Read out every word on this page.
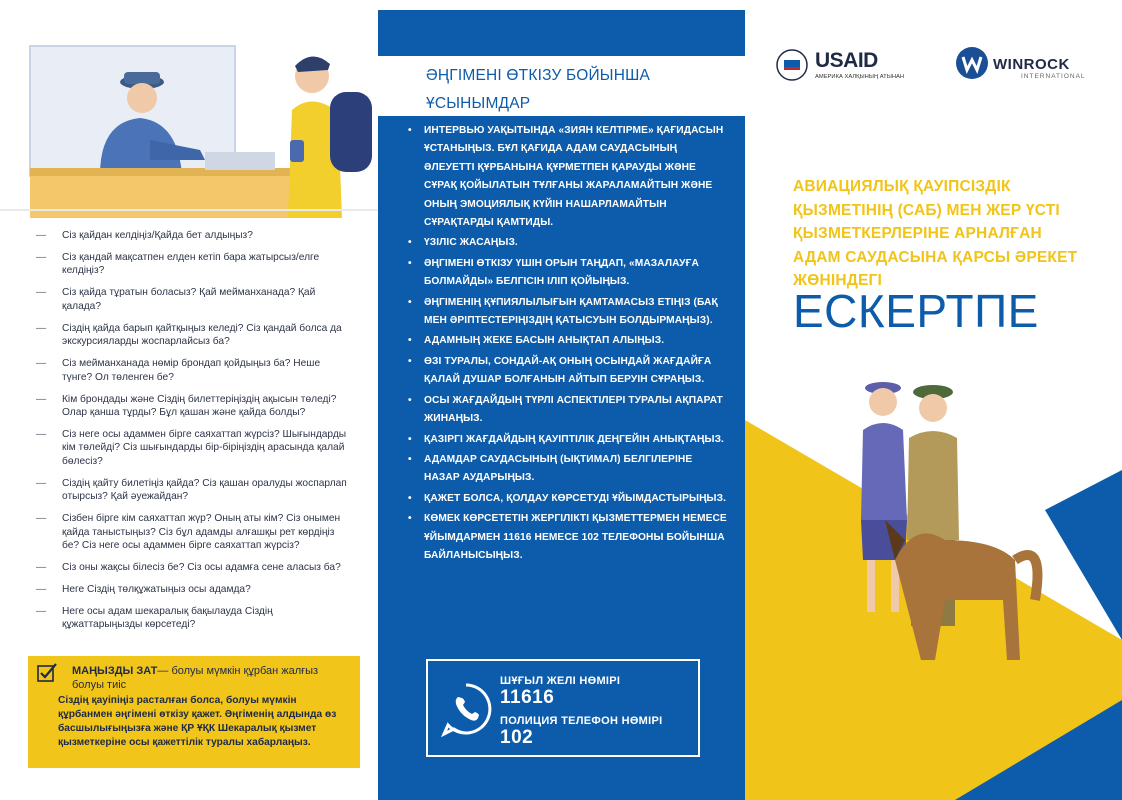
— Сіз қайдан келдіңіз/Қайда бет алдыңыз?
— Сіз қандай мақсатпен елден кетіп бара жатырсыз/елге келдіңіз?
— Сіз қайда тұратын боласыз? Қай мейманханада? Қай қалада?
— Сіздің қайда барып қайтқыңыз келеді? Сіз қандай болса да экскурсияларды жоспарлайсыз ба?
— Сіз мейманханада нөмір брондап қойдыңыз ба? Неше түнге? Ол төленген бе?
— Кім брондады және Сіздің билеттеріңіздің ақысын төледі? Олар қанша тұрды? Бұл қашан және қайда болды?
— Сіз неге осы адаммен бірге саяхаттап жүрсіз? Шығындарды кім төлейді? Сіз шығындарды бір-біріңіздің арасында қалай бөлесіз?
— Сіздің қайту билетіңіз қайда? Сіз қашан оралуды жоспарлап отырсыз? Қай әуежайдан?
— Сізбен бірге кім саяхаттап жүр? Оның аты кім? Сіз онымен қайда таныстыңыз? Сіз бұл адамды алғашқы рет көрдіңіз бе? Сіз неге осы адаммен бірге саяхаттап жүрсіз?
— Сіз оны жақсы білесіз бе? Сіз осы адамға сене аласыз ба?
— Неге Сіздің төлқұжатыңыз осы адамда?
— Неге осы адам шекаралық бақылауда Сіздің құжаттарыңызды көрсетеді?
МАҢЫЗДЫ ЗАТ— болуы мүмкін құрбан жалғыз болуы тиіс
Сіздің қауіпіңіз расталған болса, болуы мүмкін құрбанмен әңгімені өткізу қажет. Әңгіменің алдында өз басшылығыңызға және ҚР ҰҚК Шекаралық қызмет қызметкеріне осы қажеттілік туралы хабарлаңыз.
ӘҢГІМЕНІ ӨТКІЗУ БОЙЫНША
ҰСЫНЫМДАР
• ИНТЕРВЬЮ УАҚЫТЫНДА «ЗИЯН КЕЛТІРМЕ» ҚАҒИДАСЫН ҰСТАНЫҢЫЗ. БҰЛ ҚАҒИДА АДАМ САУДАСЫНЫҢ ӘЛЕУЕТТІ ҚҰРБАНЫНА ҚҰРМЕТПЕН ҚАРАУДЫ ЖӘНЕ СҰРАҚ ҚОЙЫЛАТЫН ТҰЛҒАНЫ ЖАРАЛАМАЙТЫН ЖӘНЕ ОНЫҢ ЭМОЦИЯЛЫҚ КҮЙІН НАШАРЛАМАЙТЫН СҰРАҚТАРДЫ ҚАМТИДЫ.
• ҮЗІЛІС ЖАСАҢЫЗ.
• ӘҢГІМЕНІ ӨТКІЗУ ҮШІН ОРЫН ТАҢДАП, «МАЗАЛАУҒА БОЛМАЙДЫ» БЕЛГІСІН ІЛІП ҚОЙЫҢЫЗ.
• ӘҢГІМЕНІҢ ҚҰПИЯЛЫЛЫҒЫН ҚАМТАМАСЫЗ ЕТІҢІЗ (БАҚ МЕН ӘРІПТЕСТЕРІҢІЗДІҢ ҚАТЫСУЫН БОЛДЫРМАҢЫЗ).
• АДАМНЫҢ ЖЕКЕ БАСЫН АНЫҚТАП АЛЫҢЫЗ.
• ӨЗІ ТУРАЛЫ, СОНДАЙ-АҚ ОНЫҢ ОСЫНДАЙ ЖАҒДАЙҒА ҚАЛАЙ ДУШАР БОЛҒАНЫН АЙТЫП БЕРУІН СҰРАҢЫЗ.
• ОСЫ ЖАҒДАЙДЫҢ ТҮРЛІ АСПЕКТІЛЕРІ ТУРАЛЫ АҚПАРАТ ЖИНАҢЫЗ.
• ҚАЗІРГІ ЖАҒДАЙДЫҢ ҚАУІПТІЛІК ДЕҢГЕЙІН АНЫҚТАҢЫЗ.
• АДАМДАР САУДАСЫНЫҢ (ЫҚТИМАЛ) БЕЛГІЛЕРІНЕ НАЗАР АУДАРЫҢЫЗ.
• ҚАЖЕТ БОЛСА, ҚОЛДАУ КӨРСЕТУДІ ҰЙЫМДАСТЫРЫҢЫЗ.
• КӨМЕК КӨРСЕТЕТІН ЖЕРГІЛІКТІ ҚЫЗМЕТТЕРМЕН НЕМЕСЕ ҰЙЫМДАРМЕН 11616 НЕМЕСЕ 102 ТЕЛЕФОНЫ БОЙЫНША БАЙЛАНЫСЫҢЫЗ.
ШҰҒЫЛ ЖЕЛІ НӨМІРІ
11616
ПОЛИЦИЯ ТЕЛЕФОН НӨМІРІ
102
USAID
АМЕРИКА ХАЛҚЫНЫҢ АТЫНАН
WINROCK
INTERNATIONAL
АВИАЦИЯЛЫҚ ҚАУІПСІЗДІК ҚЫЗМЕТІНІҢ (САБ) МЕН ЖЕР ҮСТІ ҚЫЗМЕТКЕРЛЕРІНЕ АРНАЛҒАН АДАМ САУДАСЫНА ҚАРСЫ ӘРЕКЕТ ЖӨНІНДЕГІ
ЕСКЕРТПЕ
